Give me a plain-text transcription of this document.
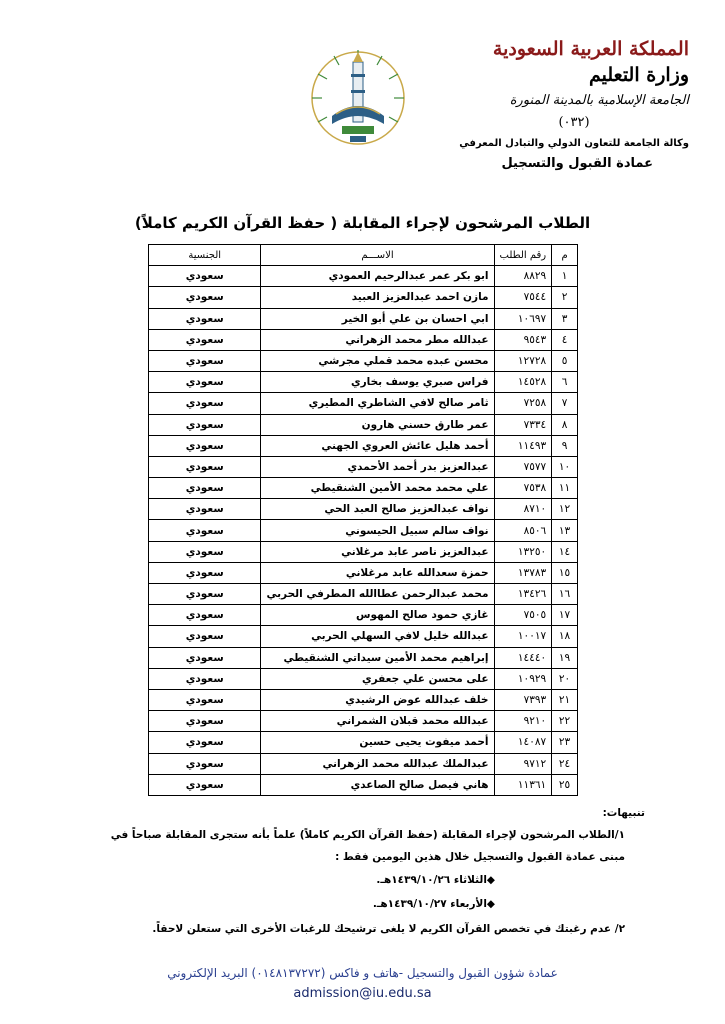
المملكة العربية السعودية
وزارة التعليم
الجامعة الإسلامية بالمدينة المنورة
(٠٣٢)
وكالة الجامعة للتعاون الدولي والتبادل المعرفي
عمادة القبول والتسجيل
الطلاب المرشحون لإجراء المقابلة ( حفظ القرآن الكريم كاملاً)
م	رقم الطلب	الاســـم	الجنسية
١	٨٨٢٩	ابو بكر عمر عبدالرحيم العمودي	سعودي
٢	٧٥٤٤	مازن احمد عبدالعزيز العبيد	سعودي
٣	١٠٦٩٧	ابي احسان بن علي أبو الخير	سعودي
٤	٩٥٤٣	عبدالله مطر محمد الزهراني	سعودي
٥	١٢٧٢٨	محسن عبده محمد قملي مجرشي	سعودي
٦	١٤٥٢٨	فراس صبري يوسف بخاري	سعودي
٧	٧٢٥٨	ثامر صالح لافي الشاطري المطيري	سعودي
٨	٧٣٣٤	عمر طارق حسني هارون	سعودي
٩	١١٤٩٣	أحمد هليل عائش العروي الجهني	سعودي
١٠	٧٥٧٧	عبدالعزيز بدر أحمد الأحمدي	سعودي
١١	٧٥٣٨	علي محمد محمد الأمين الشنقيطي	سعودي
١٢	٨٧١٠	نواف عبدالعزيز صالح العبد الحي	سعودي
١٣	٨٥٠٦	نواف سالم سبيل الحيسوني	سعودي
١٤	١٣٢٥٠	عبدالعزيز ناصر عابد مرغلاني	سعودي
١٥	١٣٧٨٣	حمزة سعدالله عابد مرغلاني	سعودي
١٦	١٣٤٢٦	محمد عبدالرحمن عطاالله المطرفي الحربي	سعودي
١٧	٧٥٠٥	غازي حمود صالح المهوس	سعودي
١٨	١٠٠١٧	عبدالله خليل لافي السهلي الحربي	سعودي
١٩	١٤٤٤٠	إبراهيم محمد الأمين سيداتي الشنقيطي	سعودي
٢٠	١٠٩٢٩	على محسن علي جعفري	سعودي
٢١	٧٣٩٣	خلف عبدالله عوض الرشيدي	سعودي
٢٢	٩٢١٠	عبدالله محمد قبلان الشمراني	سعودي
٢٣	١٤٠٨٧	أحمد ميفوت يحيى حسين	سعودي
٢٤	٩٧١٢	عبدالملك عبدالله محمد الزهراني	سعودي
٢٥	١١٣٦١	هاني فيصل صالح الصاعدي	سعودي
تنبيهات:
١/الطلاب المرشحون لإجراء المقابلة (حفظ القرآن الكريم كاملاً) علماً بأنه ستجرى المقابلة صباحاً في مبنى عمادة القبول والتسجيل خلال هذين اليومين فقط :
◆الثلاثاء ١٤٣٩/١٠/٢٦هـ.
◆الأربعاء ١٤٣٩/١٠/٢٧هـ.
٢/ عدم رغبتك في تخصص القرآن الكريم لا يلغى ترشيحك للرغبات الأخرى التي ستعلن لاحقاً.
عمادة شؤون القبول والتسجيل -هاتف و فاكس (٠١٤٨١٣٧٢٧٢) البريد الإلكتروني
admission@iu.edu.sa
